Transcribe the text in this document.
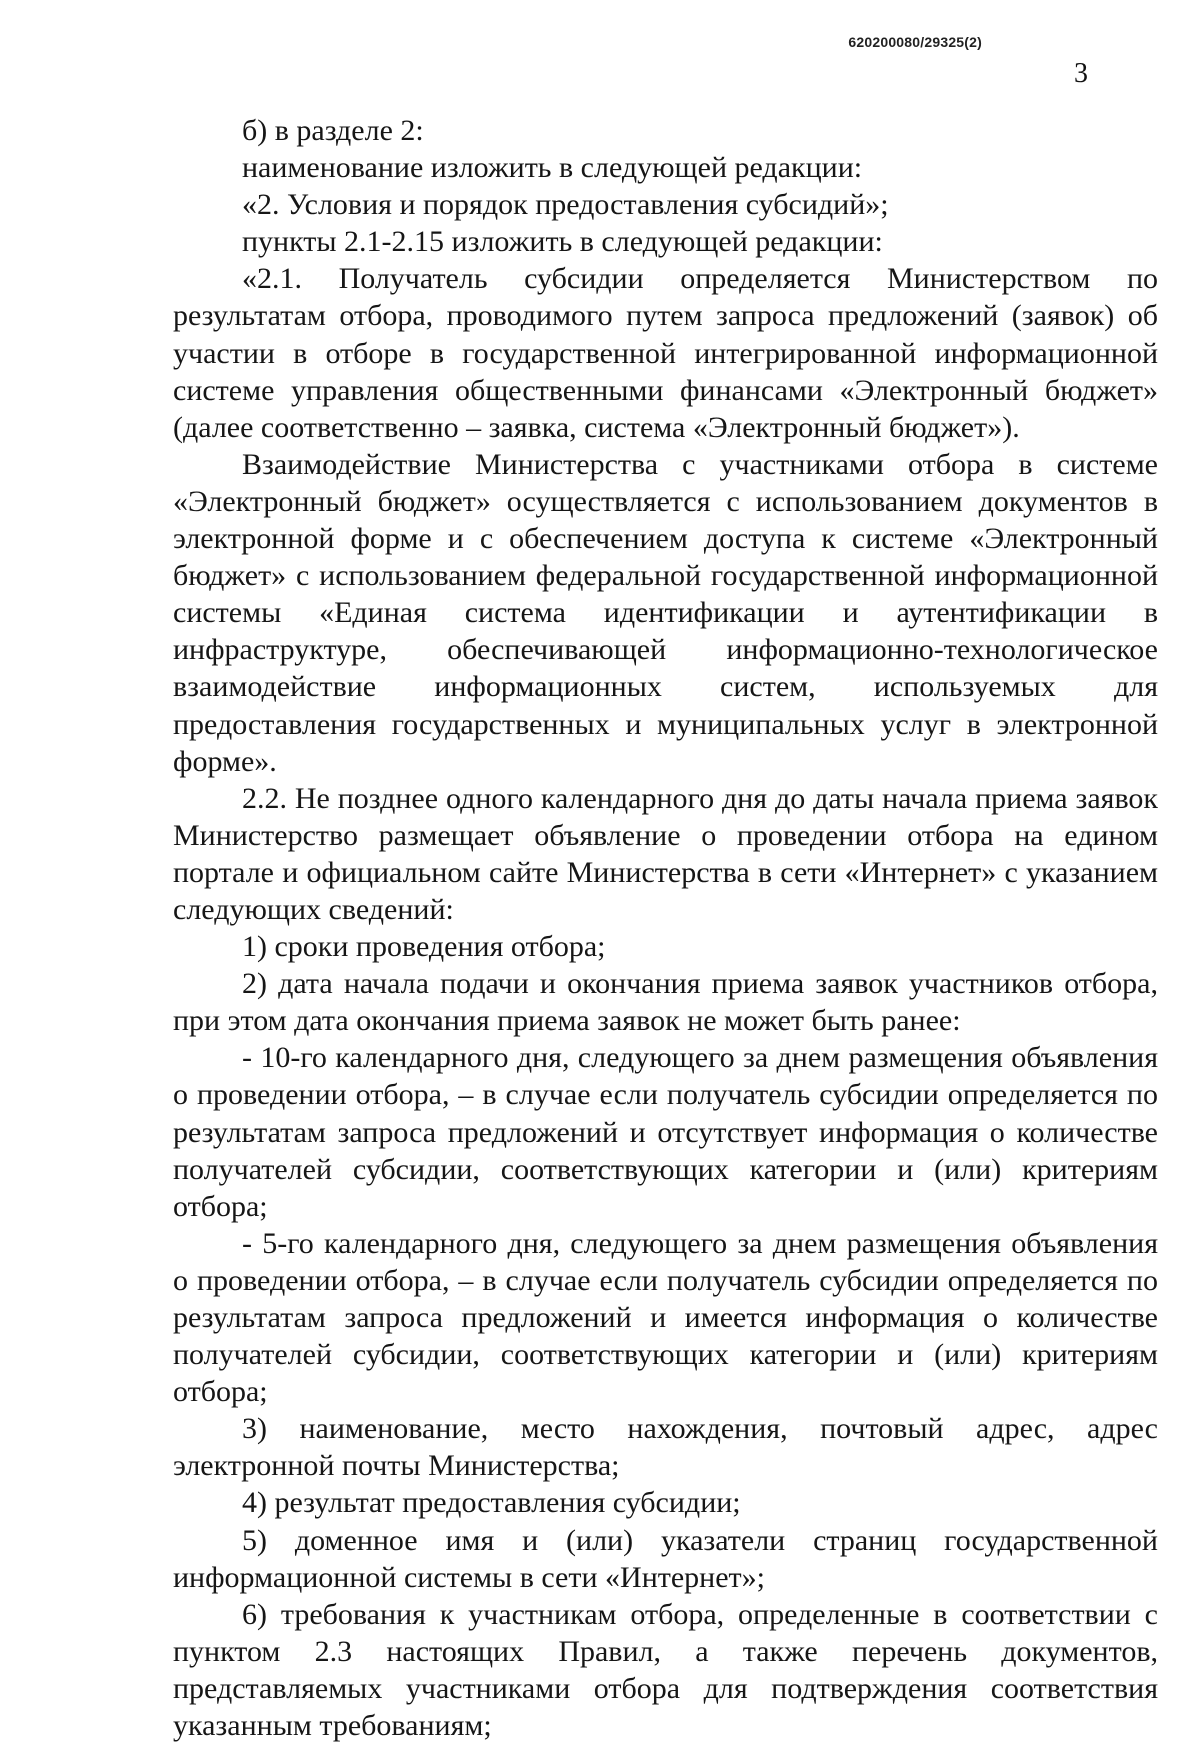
620200080/29325(2)
3

б) в разделе 2:

наименование изложить в следующей редакции:

«2. Условия и порядок предоставления субсидий»;

пункты 2.1-2.15 изложить в следующей редакции:

«2.1. Получатель субсидии определяется Министерством по результатам отбора, проводимого путем запроса предложений (заявок) об участии в отборе в государственной интегрированной информационной системе управления общественными финансами «Электронный бюджет» (далее соответственно – заявка, система «Электронный бюджет»).

Взаимодействие Министерства с участниками отбора в системе «Электронный бюджет» осуществляется с использованием документов в электронной форме и с обеспечением доступа к системе «Электронный бюджет» с использованием федеральной государственной информационной системы «Единая система идентификации и аутентификации в инфраструктуре, обеспечивающей информационно-технологическое взаимодействие информационных систем, используемых для предоставления государственных и муниципальных услуг в электронной форме».

2.2. Не позднее одного календарного дня до даты начала приема заявок Министерство размещает объявление о проведении отбора на едином портале и официальном сайте Министерства в сети «Интернет» с указанием следующих сведений:

1) сроки проведения отбора;

2) дата начала подачи и окончания приема заявок участников отбора, при этом дата окончания приема заявок не может быть ранее:

- 10-го календарного дня, следующего за днем размещения объявления о проведении отбора, – в случае если получатель субсидии определяется по результатам запроса предложений и отсутствует информация о количестве получателей субсидии, соответствующих категории и (или) критериям отбора;

- 5-го календарного дня, следующего за днем размещения объявления о проведении отбора, – в случае если получатель субсидии определяется по результатам запроса предложений и имеется информация о количестве получателей субсидии, соответствующих категории и (или) критериям отбора;

3) наименование, место нахождения, почтовый адрес, адрес электронной почты Министерства;

4) результат предоставления субсидии;

5) доменное имя и (или) указатели страниц государственной информационной системы в сети «Интернет»;

6) требования к участникам отбора, определенные в соответствии с пунктом 2.3 настоящих Правил, а также перечень документов, представляемых участниками отбора для подтверждения соответствия указанным требованиям;
